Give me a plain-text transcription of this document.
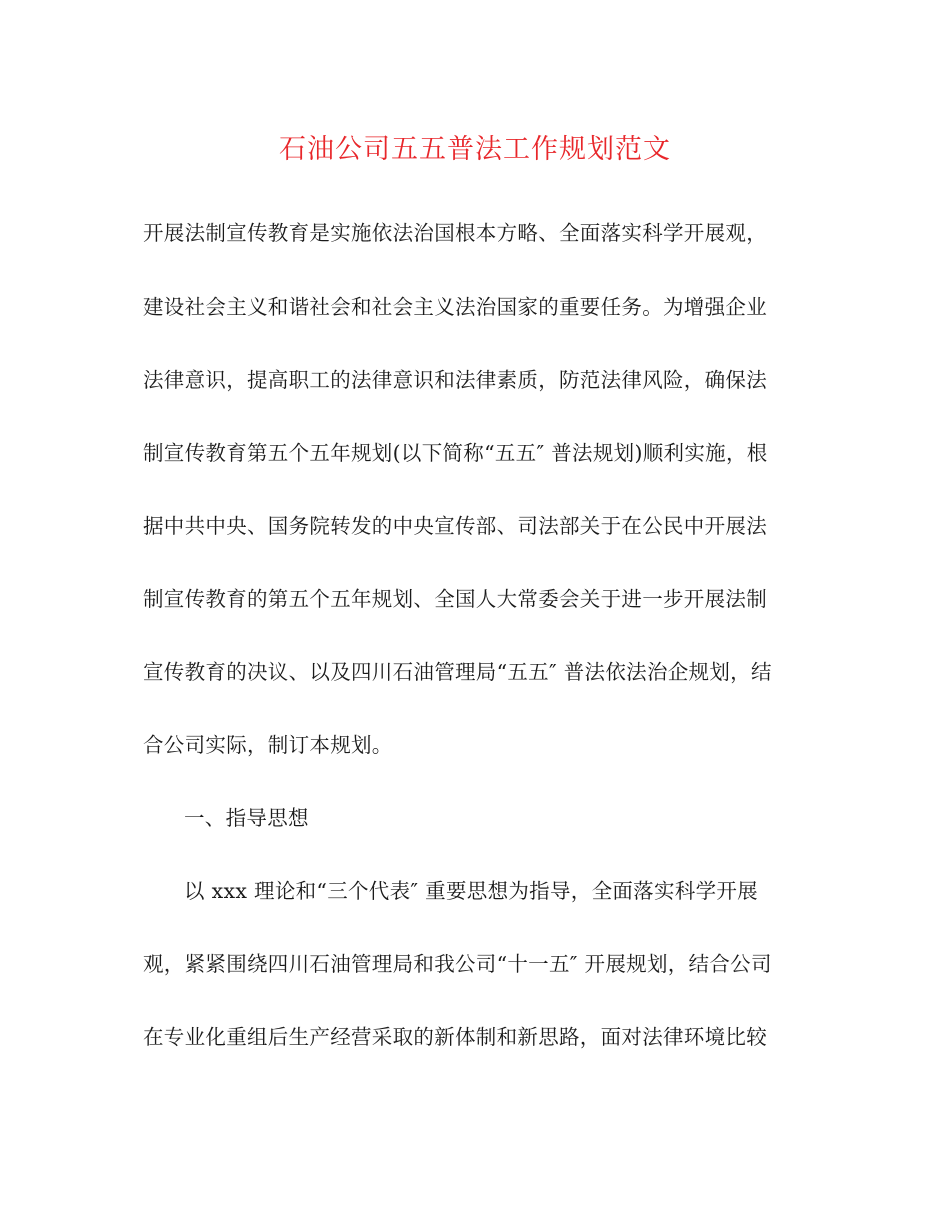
石油公司五五普法工作规划范文
开展法制宣传教育是实施依法治国根本方略、全面落实科学开展观，
建设社会主义和谐社会和社会主义法治国家的重要任务。为增强企业
法律意识，提高职工的法律意识和法律素质，防范法律风险，确保法
制宣传教育第五个五年规划(以下简称“五五″ 普法规划)顺利实施，根
据中共中央、国务院转发的中央宣传部、司法部关于在公民中开展法
制宣传教育的第五个五年规划、全国人大常委会关于进一步开展法制
宣传教育的决议、以及四川石油管理局“五五″ 普法依法治企规划，结
合公司实际，制订本规划。
一、指导思想
以 xxx 理论和“三个代表″ 重要思想为指导，全面落实科学开展
观，紧紧围绕四川石油管理局和我公司“十一五″ 开展规划，结合公司
在专业化重组后生产经营采取的新体制和新思路，面对法律环境比较
